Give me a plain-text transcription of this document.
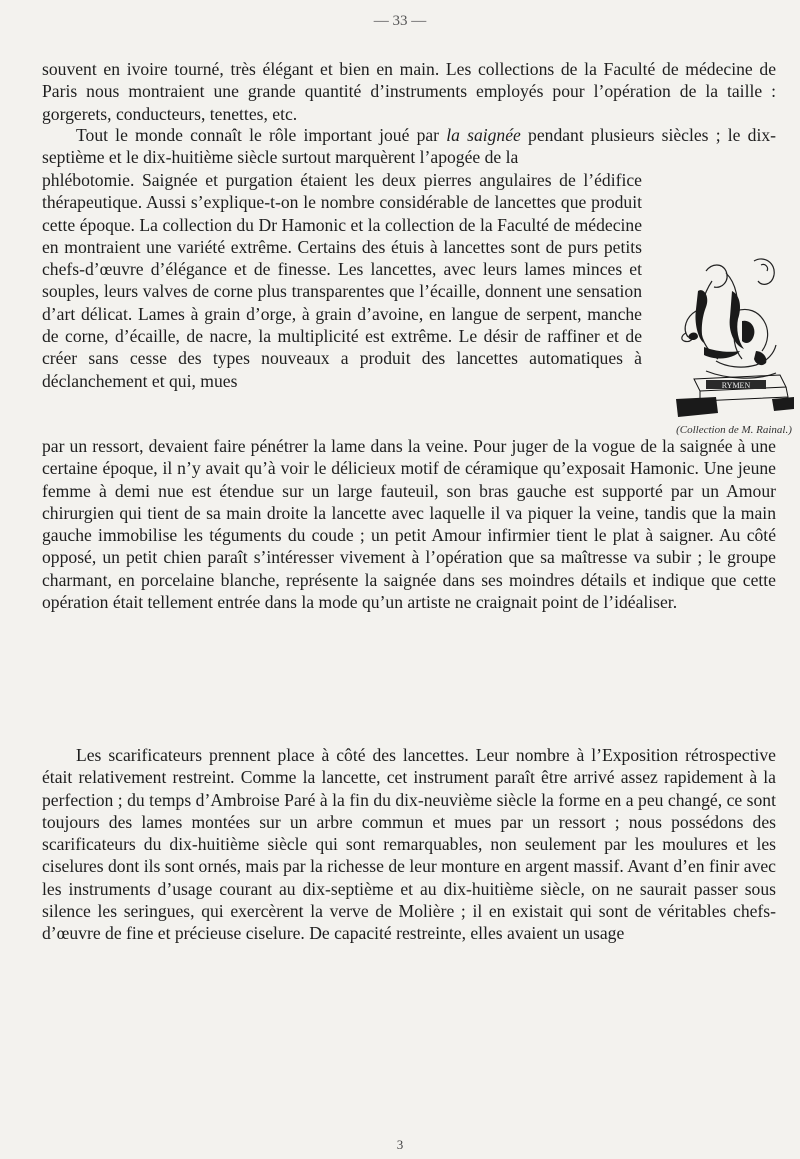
— 33 —

souvent en ivoire tourné, très élégant et bien en main. Les collections de la Faculté de médecine de Paris nous montraient une grande quantité d’instruments employés pour l’opération de la taille : gorgerets, conducteurs, tenettes, etc.

Tout le monde connaît le rôle important joué par la saignée pendant plusieurs siècles ; le dix-septième et le dix-huitième siècle surtout marquèrent l’apogée de la

phlébotomie. Saignée et purgation étaient les deux pierres angulaires de l’édifice thérapeutique. Aussi s’explique-t-on le nombre considérable de lancettes que produit cette époque. La collection du Dr Hamonic et la collection de la Faculté de médecine en montraient une variété extrême. Certains des étuis à lancettes sont de purs petits chefs-d’œuvre d’élégance et de finesse. Les lancettes, avec leurs lames minces et souples, leurs valves de corne plus transparentes que l’écaille, donnent une sensation d’art délicat. Lames à grain d’orge, à grain d’avoine, en langue de serpent, manche de corne, d’écaille, de nacre, la multiplicité est extrême. Le désir de raffiner et de créer sans cesse des types nouveaux a produit des lancettes automatiques à déclanchement et qui, mues	RYMEN
(Collection de M. Rainal.)

par un ressort, devaient faire pénétrer la lame dans la veine. Pour juger de la vogue de la saignée à une certaine époque, il n’y avait qu’à voir le délicieux motif de céramique qu’exposait Hamonic. Une jeune femme à demi nue est étendue sur un large fauteuil, son bras gauche est supporté par un Amour chirurgien qui tient de sa main droite la lancette avec laquelle il va piquer la veine, tandis que la main gauche immobilise les téguments du coude ; un petit Amour infirmier tient le plat à saigner. Au côté opposé, un petit chien paraît s’intéresser vivement à l’opération que sa maîtresse va subir ; le groupe charmant, en porcelaine blanche, représente la saignée dans ses moindres détails et indique que cette opération était tellement entrée dans la mode qu’un artiste ne craignait point de l’idéaliser.

Les scarificateurs prennent place à côté des lancettes. Leur nombre à l’Exposition rétrospective était relativement restreint. Comme la lancette, cet instrument paraît être arrivé assez rapidement à la perfection ; du temps d’Ambroise Paré à la fin du dix-neuvième siècle la forme en a peu changé, ce sont toujours des lames montées sur un arbre commun et mues par un ressort ; nous possédons des scarificateurs du dix-huitième siècle qui sont remarquables, non seulement par les moulures et les ciselures dont ils sont ornés, mais par la richesse de leur monture en argent massif. Avant d’en finir avec les instruments d’usage courant au dix-septième et au dix-huitième siècle, on ne saurait passer sous silence les seringues, qui exercèrent la verve de Molière ; il en existait qui sont de véritables chefs-d’œuvre de fine et précieuse ciselure. De capacité restreinte, elles avaient un usage

3
